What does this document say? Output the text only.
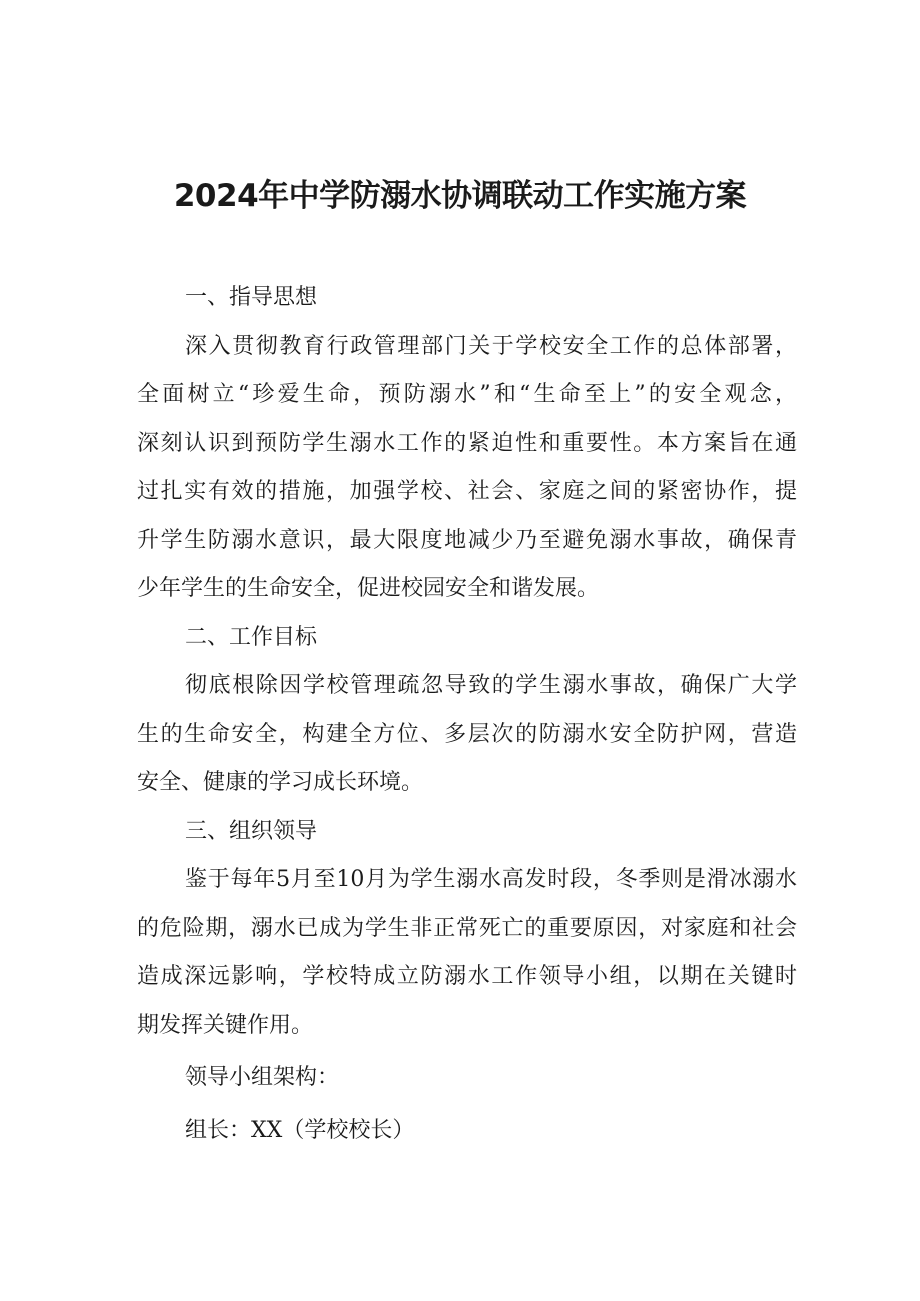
2024年中学防溺水协调联动工作实施方案
一、指导思想
深入贯彻教育行政管理部门关于学校安全工作的总体部署，
全面树立“珍爱生命，预防溺水”和“生命至上”的安全观念，
深刻认识到预防学生溺水工作的紧迫性和重要性。本方案旨在通
过扎实有效的措施，加强学校、社会、家庭之间的紧密协作，提
升学生防溺水意识，最大限度地减少乃至避免溺水事故，确保青
少年学生的生命安全，促进校园安全和谐发展。
二、工作目标
彻底根除因学校管理疏忽导致的学生溺水事故，确保广大学
生的生命安全，构建全方位、多层次的防溺水安全防护网，营造
安全、健康的学习成长环境。
三、组织领导
鉴于每年5月至10月为学生溺水高发时段，冬季则是滑冰溺水
的危险期，溺水已成为学生非正常死亡的重要原因，对家庭和社会
造成深远影响，学校特成立防溺水工作领导小组，以期在关键时
期发挥关键作用。

领导小组架构：

组长：XX（学校校长）
